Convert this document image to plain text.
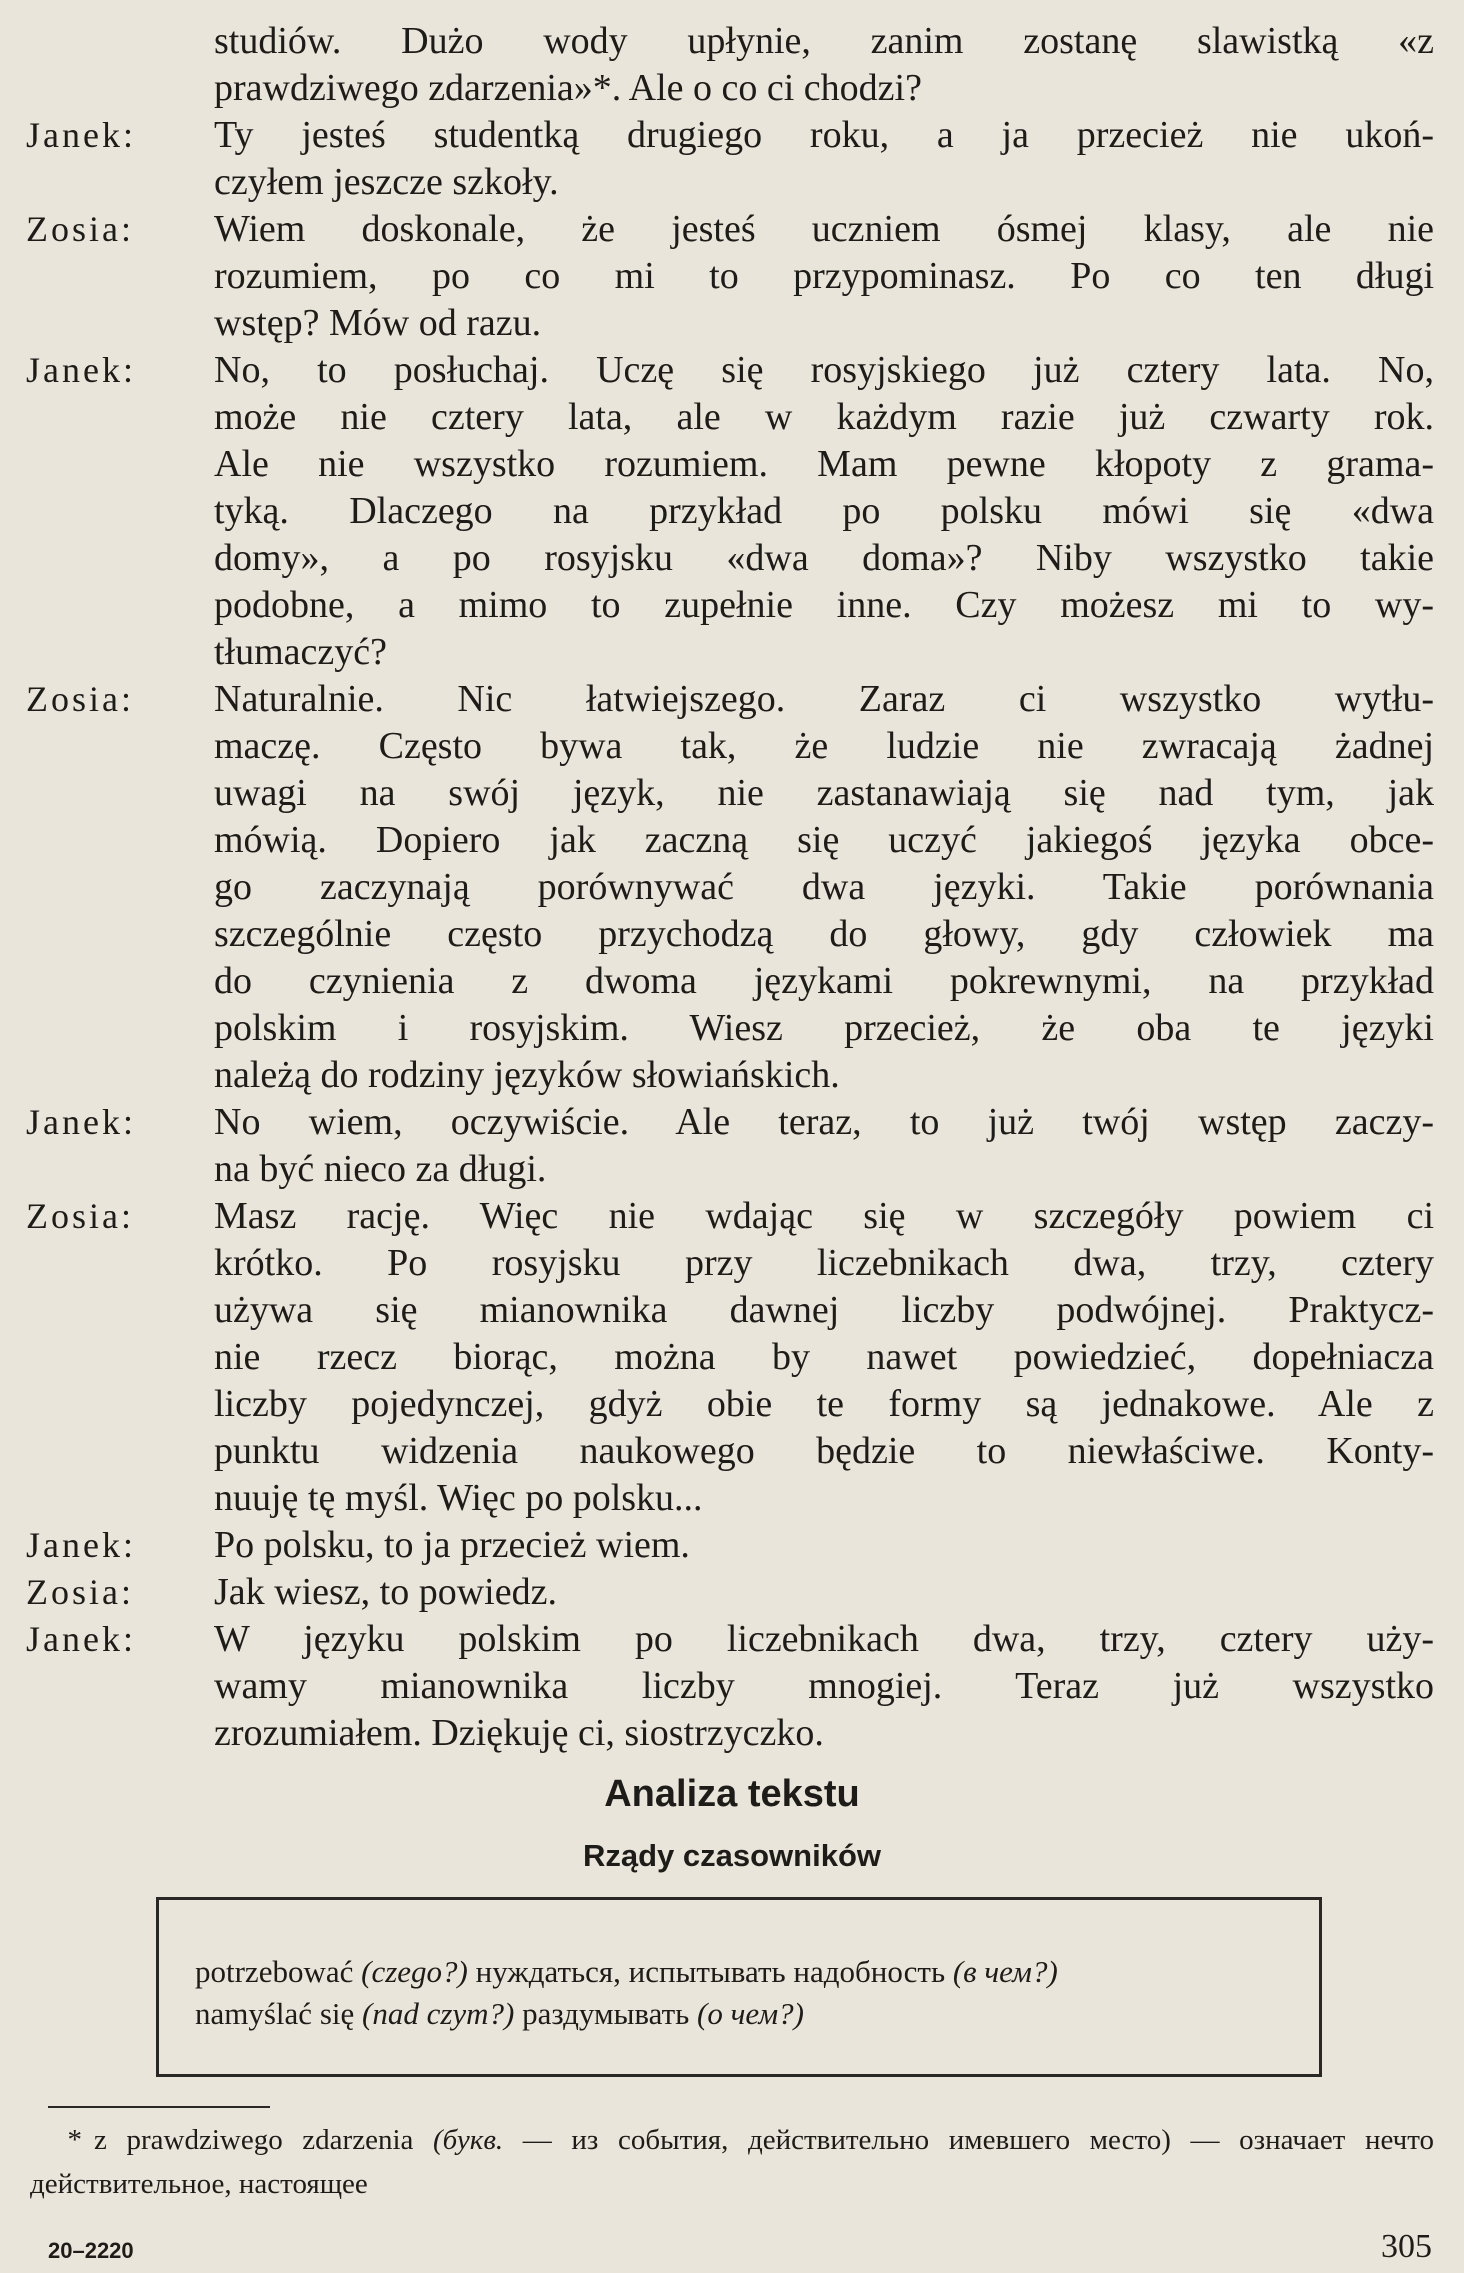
studiów. Dużo wody upłynie, zanim zostanę slawistką «z
prawdziwego zdarzenia»*. Ale o co ci chodzi?
Janek:	Ty jesteś studentką drugiego roku, a ja przecież nie ukoń-
czyłem jeszcze szkoły.
Zosia:	Wiem doskonale, że jesteś uczniem ósmej klasy, ale nie
rozumiem, po co mi to przypominasz. Po co ten długi
wstęp? Mów od razu.
Janek:	No, to posłuchaj. Uczę się rosyjskiego już cztery lata. No,
może nie cztery lata, ale w każdym razie już czwarty rok.
Ale nie wszystko rozumiem. Mam pewne kłopoty z grama-
tyką. Dlaczego na przykład po polsku mówi się «dwa
domy», a po rosyjsku «dwa doma»? Niby wszystko takie
podobne, a mimo to zupełnie inne. Czy możesz mi to wy-
tłumaczyć?
Zosia:	Naturalnie. Nic łatwiejszego. Zaraz ci wszystko wytłu-
maczę. Często bywa tak, że ludzie nie zwracają żadnej
uwagi na swój język, nie zastanawiają się nad tym, jak
mówią. Dopiero jak zaczną się uczyć jakiegoś języka obce-
go zaczynają porównywać dwa języki. Takie porównania
szczególnie często przychodzą do głowy, gdy człowiek ma
do czynienia z dwoma językami pokrewnymi, na przykład
polskim i rosyjskim. Wiesz przecież, że oba te języki
należą do rodziny języków słowiańskich.
Janek:	No wiem, oczywiście. Ale teraz, to już twój wstęp zaczy-
na być nieco za długi.
Zosia:	Masz rację. Więc nie wdając się w szczegóły powiem ci
krótko. Po rosyjsku przy liczebnikach dwa, trzy, cztery
używa się mianownika dawnej liczby podwójnej. Praktycz-
nie rzecz biorąc, można by nawet powiedzieć, dopełniacza
liczby pojedynczej, gdyż obie te formy są jednakowe. Ale z
punktu widzenia naukowego będzie to niewłaściwe. Konty-
nuuję tę myśl. Więc po polsku...
Janek:	Po polsku, to ja przecież wiem.
Zosia:	Jak wiesz, to powiedz.
Janek:	W języku polskim po liczebnikach dwa, trzy, cztery uży-
wamy mianownika liczby mnogiej. Teraz już wszystko
zrozumiałem. Dziękuję ci, siostrzyczko.
Analiza tekstu
Rządy czasowników
potrzebować (czego?) нуждаться, испытывать надобность (в чем?)
namyślać się (nad czym?) раздумывать (о чем?)
* z prawdziwego zdarzenia (букв. — из события, действительно имевшего место) — означает нечто действительное, настоящее
20–2220	305
